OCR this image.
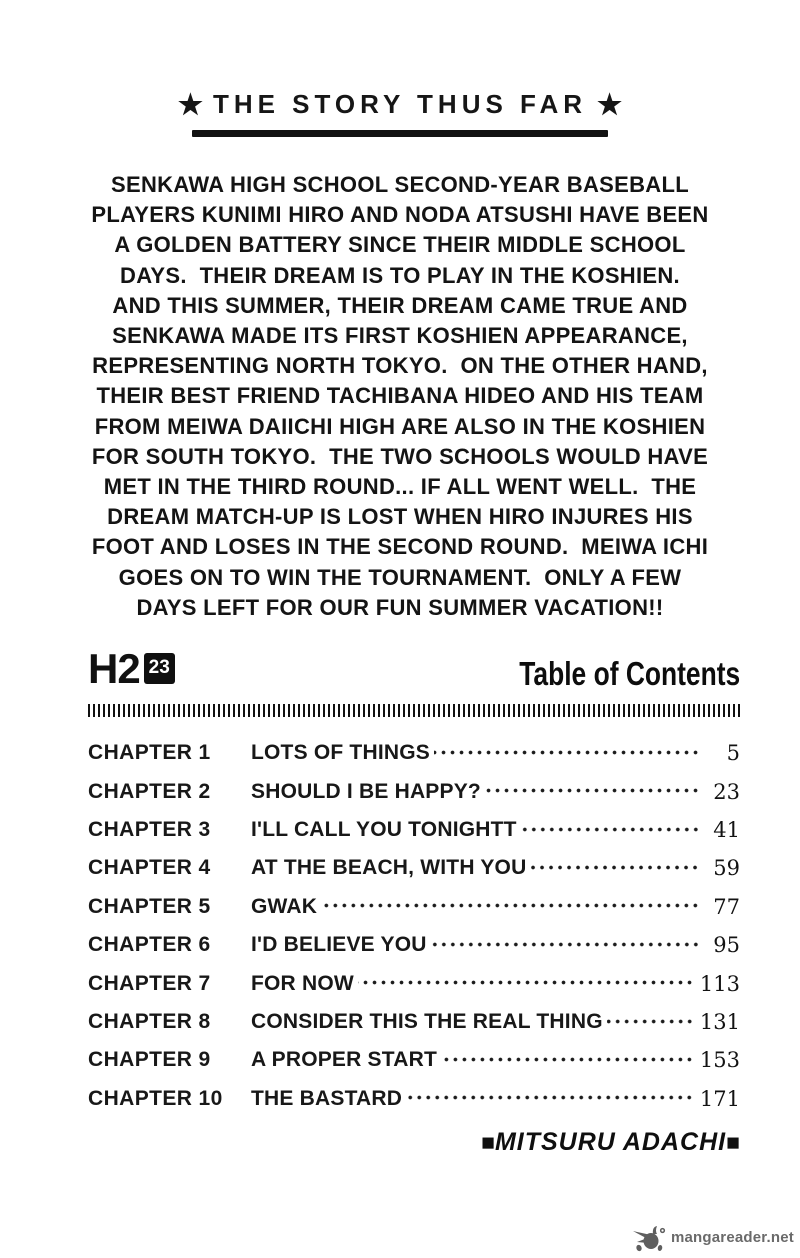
★ THE STORY THUS FAR ★
SENKAWA HIGH SCHOOL SECOND-YEAR BASEBALL
PLAYERS KUNIMI HIRO AND NODA ATSUSHI HAVE BEEN
A GOLDEN BATTERY SINCE THEIR MIDDLE SCHOOL
DAYS.  THEIR DREAM IS TO PLAY IN THE KOSHIEN.
AND THIS SUMMER, THEIR DREAM CAME TRUE AND
SENKAWA MADE ITS FIRST KOSHIEN APPEARANCE,
REPRESENTING NORTH TOKYO.  ON THE OTHER HAND,
THEIR BEST FRIEND TACHIBANA HIDEO AND HIS TEAM
FROM MEIWA DAIICHI HIGH ARE ALSO IN THE KOSHIEN
FOR SOUTH TOKYO.  THE TWO SCHOOLS WOULD HAVE
MET IN THE THIRD ROUND... IF ALL WENT WELL.  THE
DREAM MATCH-UP IS LOST WHEN HIRO INJURES HIS
FOOT AND LOSES IN THE SECOND ROUND.  MEIWA ICHI
GOES ON TO WIN THE TOURNAMENT.  ONLY A FEW
DAYS LEFT FOR OUR FUN SUMMER VACATION!!
H2 23	Table of Contents
CHAPTER 1	LOTS OF THINGS	5
CHAPTER 2	SHOULD I BE HAPPY?	23
CHAPTER 3	I'LL CALL YOU TONIGHTT	41
CHAPTER 4	AT THE BEACH, WITH YOU	59
CHAPTER 5	GWAK	77
CHAPTER 6	I'D BELIEVE YOU	95
CHAPTER 7	FOR NOW	113
CHAPTER 8	CONSIDER THIS THE REAL THING	131
CHAPTER 9	A PROPER START	153
CHAPTER 10	THE BASTARD	171
■MITSURU ADACHI■
mangareader.net
